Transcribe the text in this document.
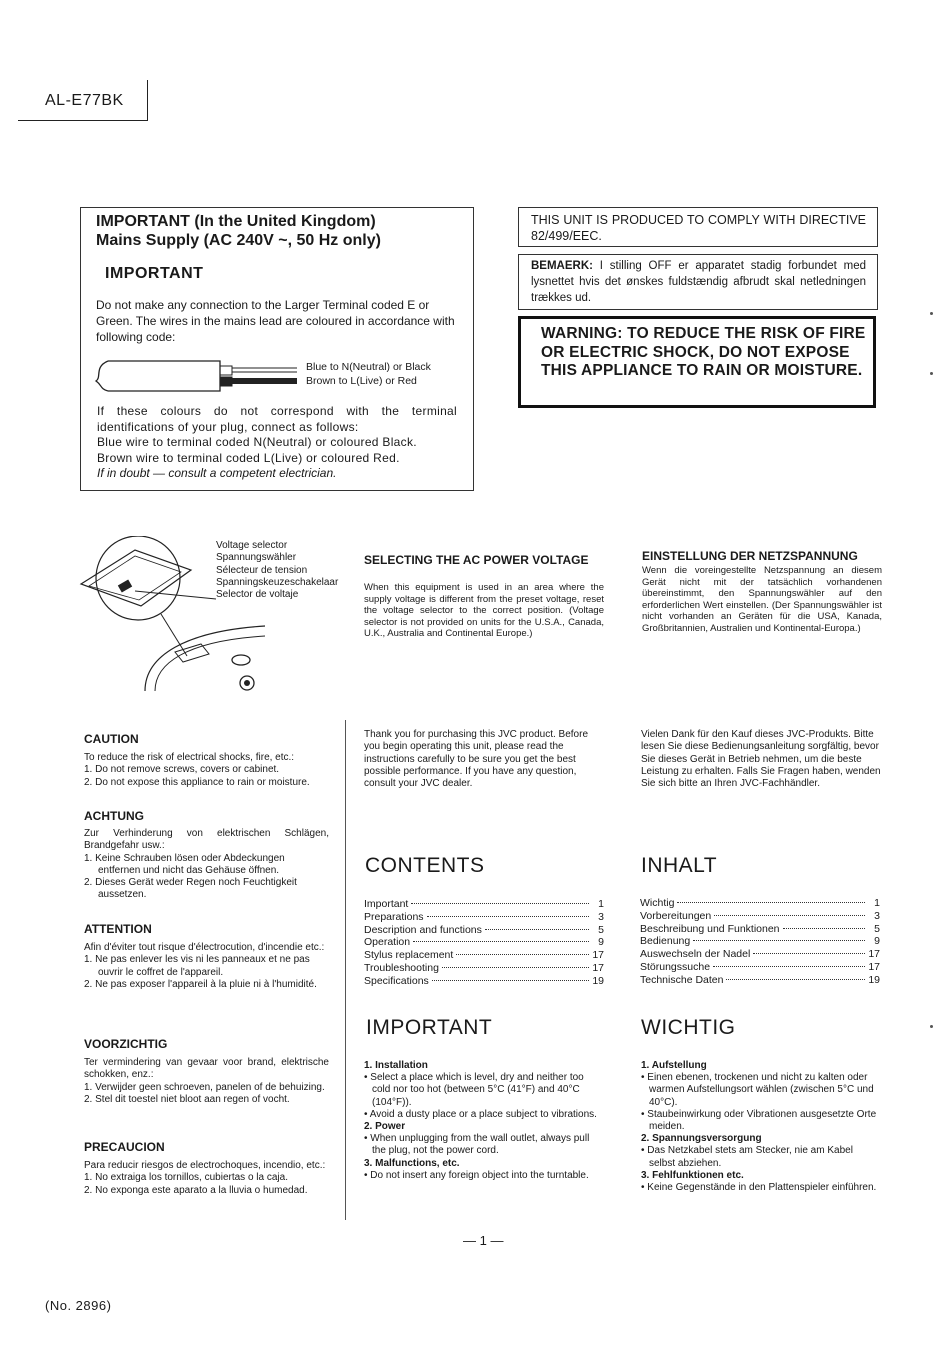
AL-E77BK
IMPORTANT (In the United Kingdom)
Mains Supply (AC 240V ~, 50 Hz only)
IMPORTANT
Do not make any connection to the Larger Terminal coded E or Green. The wires in the mains lead are coloured in accordance with following code:
Blue to N(Neutral) or Black
Brown to L(Live) or Red
If these colours do not correspond with the terminal identifications of your plug, connect as follows:
Blue wire to terminal coded N(Neutral) or coloured Black.
Brown wire to terminal coded L(Live) or coloured Red.
If in doubt — consult a competent electrician.
THIS UNIT IS PRODUCED TO COMPLY WITH DIRECTIVE 82/499/EEC.
BEMAERK: I stilling OFF er apparatet stadig forbundet med lysnettet hvis det ønskes fuldstændig afbrudt skal netledningen trækkes ud.
WARNING: TO REDUCE THE RISK OF FIRE OR ELECTRIC SHOCK, DO NOT EXPOSE THIS APPLIANCE TO RAIN OR MOISTURE.
Voltage selector
Spannungswähler
Sélecteur de tension
Spanningskeuzeschakelaar
Selector de voltaje
SELECTING THE AC POWER VOLTAGE
When this equipment is used in an area where the supply voltage is different from the preset voltage, reset the voltage selector to the correct position. (Voltage selector is not provided on units for the U.S.A., Canada, U.K., Australia and Continental Europe.)
EINSTELLUNG DER NETZSPANNUNG
Wenn die voreingestellte Netzspannung an diesem Gerät nicht mit der tatsächlich vorhandenen übereinstimmt, den Spannungswähler auf den erforderlichen Wert einstellen. (Der Spannungswähler ist nicht vorhanden an Geräten für die USA, Kanada, Großbritannien, Australien und Kontinental-Europa.)
CAUTION
To reduce the risk of electrical shocks, fire, etc.:
1. Do not remove screws, covers or cabinet.
2. Do not expose this appliance to rain or moisture.
ACHTUNG
Zur Verhinderung von elektrischen Schlägen, Brandgefahr usw.:
1. Keine Schrauben lösen oder Abdeckungen entfernen und nicht das Gehäuse öffnen.
2. Dieses Gerät weder Regen noch Feuchtigkeit aussetzen.
ATTENTION
Afin d'éviter tout risque d'électrocution, d'incendie etc.:
1. Ne pas enlever les vis ni les panneaux et ne pas ouvrir le coffret de l'appareil.
2. Ne pas exposer l'appareil à la pluie ni à l'humidité.
VOORZICHTIG
Ter vermindering van gevaar voor brand, elektrische schokken, enz.:
1. Verwijder geen schroeven, panelen of de behuizing.
2. Stel dit toestel niet bloot aan regen of vocht.
PRECAUCION
Para reducir riesgos de electrochoques, incendio, etc.:
1. No extraiga los tornillos, cubiertas o la caja.
2. No exponga este aparato a la lluvia o humedad.
Thank you for purchasing this JVC product. Before you begin operating this unit, please read the instructions carefully to be sure you get the best possible performance. If you have any question, consult your JVC dealer.
CONTENTS
Important	1
Preparations	3
Description and functions	5
Operation	9
Stylus replacement	17
Troubleshooting	17
Specifications	19
IMPORTANT
1. Installation
• Select a place which is level, dry and neither too cold nor too hot (between 5°C (41°F) and 40°C (104°F)).
• Avoid a dusty place or a place subject to vibrations.
2. Power
• When unplugging from the wall outlet, always pull the plug, not the power cord.
3. Malfunctions, etc.
• Do not insert any foreign object into the turntable.
Vielen Dank für den Kauf dieses JVC-Produkts. Bitte lesen Sie diese Bedienungsanleitung sorgfältig, bevor Sie dieses Gerät in Betrieb nehmen, um die beste Leistung zu erhalten. Falls Sie Fragen haben, wenden Sie sich bitte an Ihren JVC-Fachhändler.
INHALT
Wichtig	1
Vorbereitungen	3
Beschreibung und Funktionen	5
Bedienung	9
Auswechseln der Nadel	17
Störungssuche	17
Technische Daten	19
WICHTIG
1. Aufstellung
• Einen ebenen, trockenen und nicht zu kalten oder warmen Aufstellungsort wählen (zwischen 5°C und 40°C).
• Staubeinwirkung oder Vibrationen ausgesetzte Orte meiden.
2. Spannungsversorgung
• Das Netzkabel stets am Stecker, nie am Kabel selbst abziehen.
3. Fehlfunktionen etc.
• Keine Gegenstände in den Plattenspieler einführen.
— 1 —
(No. 2896)
